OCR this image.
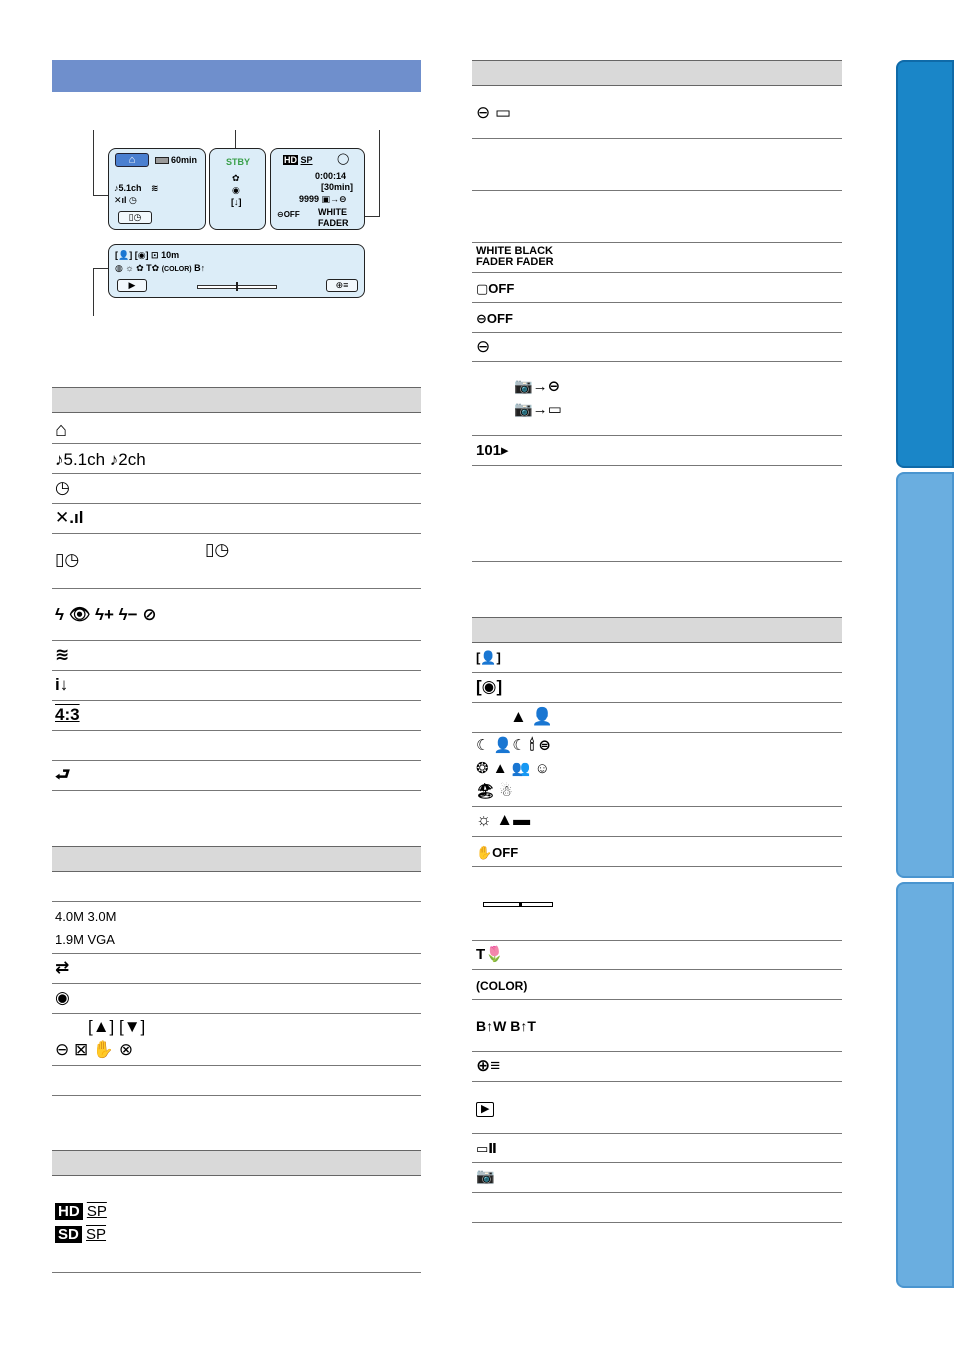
⌂	60min
♪5.1ch ≋
✕ıl ◷
▯◷
STBY
✿
◉
[↓]
HD SP ◯
0:00:14
[30min]
9999 ▣→⊖
⊖OFF WHITE
FADER
[👤] [◉] ⊡ 10m
◍ ☼ ✿ T✿ (COLOR) B↑
▶	⊕≡
⌂
♪5.1ch ♪2ch
◷
✕.ıl
▯◷
▯◷
ϟ 👁 ϟ+ ϟ− ⊘
≋
i↓
4:3
⮐
4.0M 3.0M
1.9M VGA
⇄
◉
[▲] [▼]
⊖ ⊠ ✋ ⊗
HD SP
SD SP
⊖ ▭
WHITE BLACK
FADER FADER
▢OFF
⊖OFF
⊖
📷→⊖
📷→▭
101▸
[👤]
[◉]
▲ 👤
☾ 👤☾ 🕯 ⊜
❂ ▲ 👥 ☺
🏖 ☃
☼ ▲▬
✋OFF
T🌷
(COLOR)
B↑W B↑T
⊕≡
▶
▭Ⅱ
📷
